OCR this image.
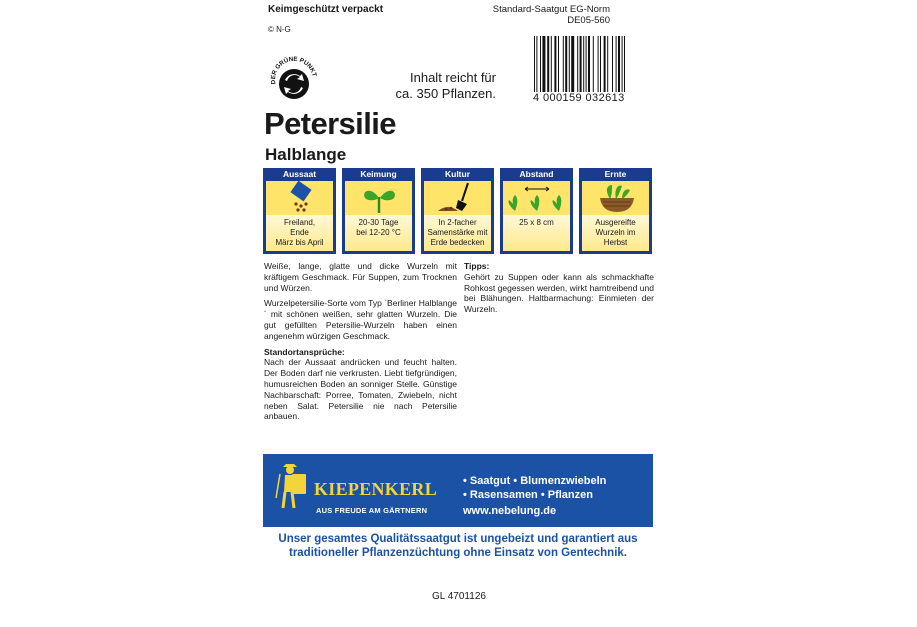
Keimgeschützt verpackt
© N-G
Standard-Saatgut EG-Norm
DE05-560
DER GRÜNE PUNKT	Inhalt reicht für
ca. 350 Pflanzen.	4 000159 032613
Petersilie
Halblange
Aussaat
Freiland,
Ende
März bis April
Keimung
20-30 Tage
bei 12-20 °C
Kultur
In 2-facher
Samenstärke mit
Erde bedecken
Abstand
25 x 8 cm
Ernte
Ausgereifte
Wurzeln im
Herbst

Weiße, lange, glatte und dicke Wurzeln mit kräftigem Geschmack. Für Suppen, zum Trocknen und Würzen.

Wurzelpetersilie-Sorte vom Typ `Berliner Halblange´ mit schönen weißen, sehr glatten Wurzeln. Die gut gefüllten Petersilie-Wurzeln haben einen angenehm würzigen Geschmack.

Standortansprüche:

Nach der Aussaat andrücken und feucht halten. Der Boden darf nie verkrusten. Liebt tiefgründigen, humusreichen Boden an sonniger Stelle. Günstige Nachbarschaft: Porree, Tomaten, Zwiebeln, nicht neben Salat. Petersilie nie nach Petersilie anbauen.

Tipps:

Gehört zu Suppen oder kann als schmackhafte Rohkost gegessen werden, wirkt harntreibend und bei Blähungen. Haltbarmachung: Einmieten der Wurzeln.

KIEPENKERL
AUS FREUDE AM GÄRTNERN
• Saatgut • Blumenzwiebeln
• Rasensamen • Pflanzen
www.nebelung.de
Unser gesamtes Qualitätssaatgut ist ungebeizt und garantiert aus
traditioneller Pflanzenzüchtung ohne Einsatz von Gentechnik.
GL 4701126
